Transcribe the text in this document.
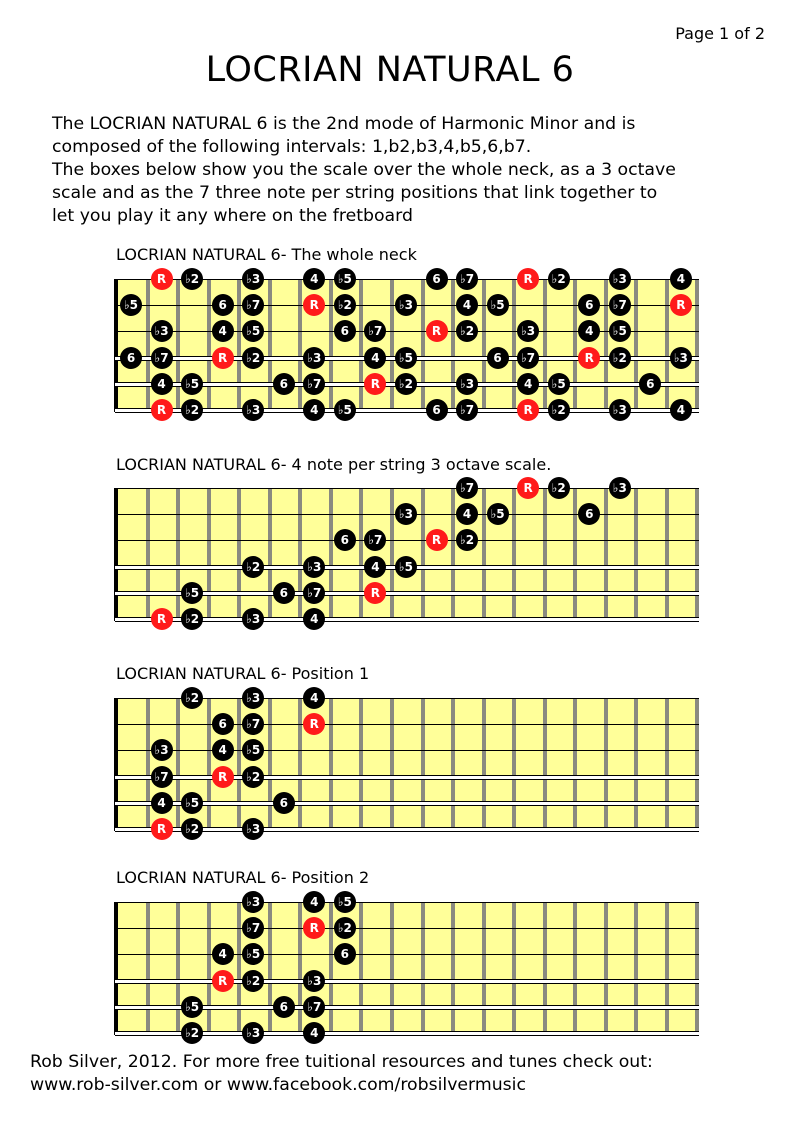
Page 1 of 2
LOCRIAN NATURAL 6
The LOCRIAN NATURAL 6 is the 2nd mode of Harmonic Minor and is
composed of the following intervals: 1,b2,b3,4,b5,6,b7.
The boxes below show you the scale over the whole neck, as a 3 octave
scale and as the 7 three note per string positions that link together to
let you play it any where on the fretboard
LOCRIAN NATURAL 6- The whole neck
R	♭2	♭3	4	♭5	6	♭7	R	♭2	♭3	4
♭5	6	♭7	R	♭2	♭3	4	♭5	6	♭7	R
♭3	4	♭5	6	♭7	R	♭2	♭3	4	♭5
6	♭7	R	♭2	♭3	4	♭5	6	♭7	R	♭2	♭3
4	♭5	6	♭7	R	♭2	♭3	4	♭5	6
R	♭2	♭3	4	♭5	6	♭7	R	♭2	♭3	4
LOCRIAN NATURAL 6- 4 note per string 3 octave scale.
♭7	R	♭2	♭3
♭3	4	♭5	6
6	♭7	R	♭2
♭2	♭3	4	♭5
♭5	6	♭7	R
R	♭2	♭3	4
LOCRIAN NATURAL 6- Position 1
♭2	♭3	4
6	♭7	R
♭3	4	♭5
♭7	R	♭2
4	♭5	6
R	♭2	♭3
LOCRIAN NATURAL 6- Position 2
♭3	4	♭5
♭7	R	♭2
4	♭5	6
R	♭2	♭3
♭5	6	♭7
♭2	♭3	4
Rob Silver, 2012. For more free tuitional resources and tunes check out:
www.rob-silver.com or www.facebook.com/robsilvermusic
